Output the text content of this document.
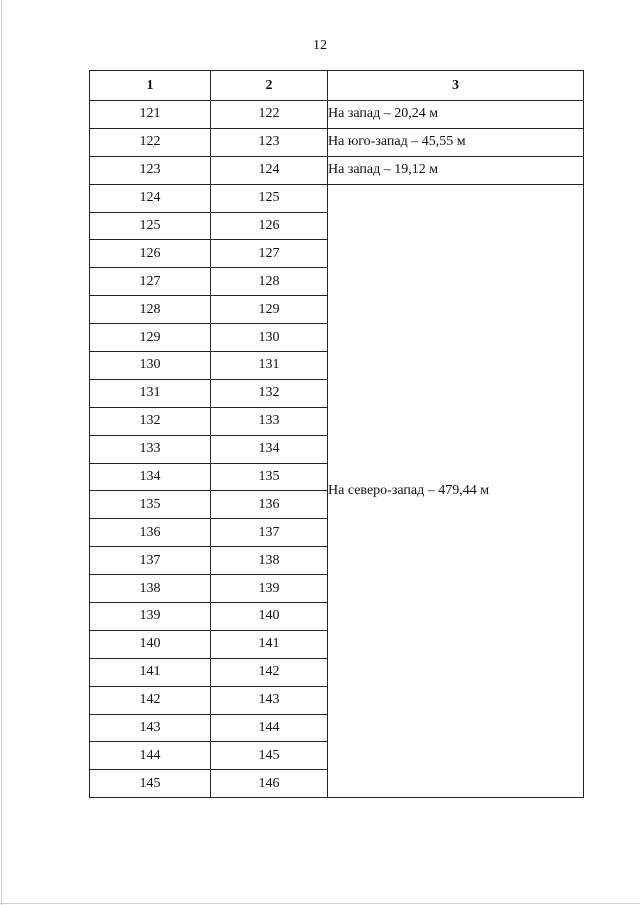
12
1	2	3
121	122	На запад – 20,24 м
122	123	На юго-запад – 45,55 м
123	124	На запад – 19,12 м
124	125	На северо-запад – 479,44 м
125	126	
126	127	
127	128	
128	129	
129	130	
130	131	
131	132	
132	133	
133	134	
134	135	
135	136	
136	137	
137	138	
138	139	
139	140	
140	141	
141	142	
142	143	
143	144	
144	145	
145	146	
